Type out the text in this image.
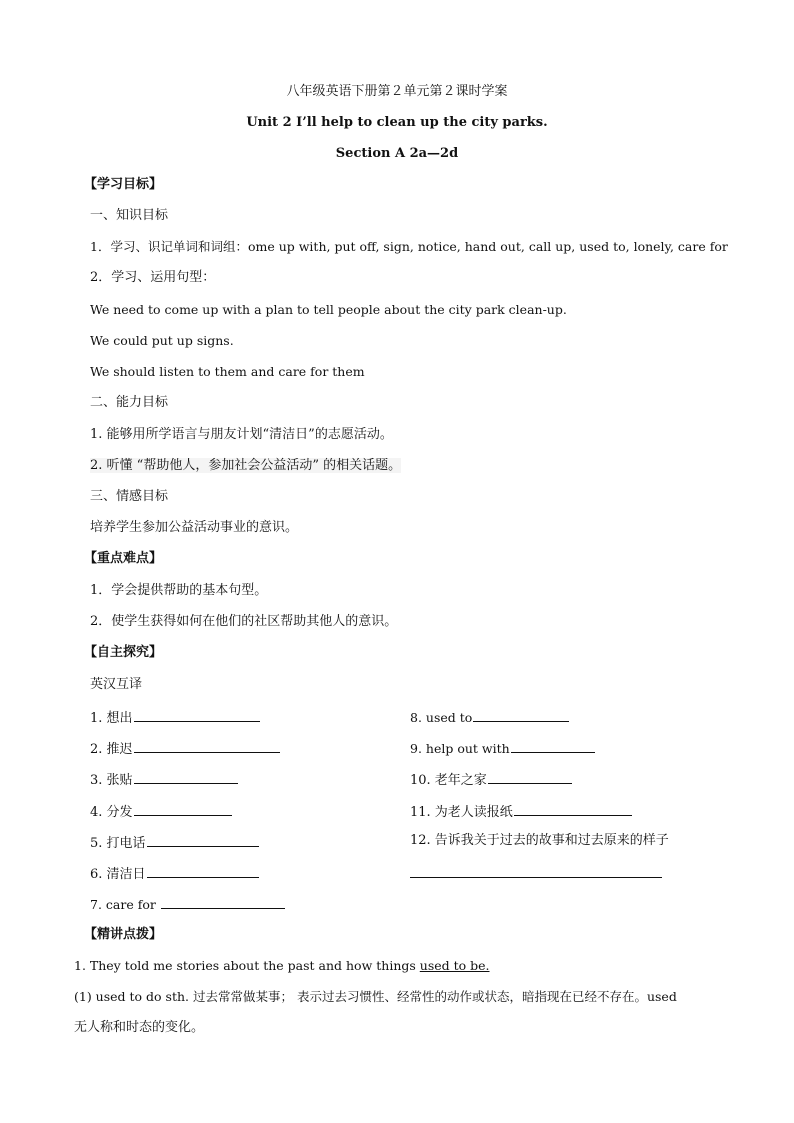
八年级英语下册第２单元第２课时学案
Unit 2 I’ll help to clean up the city parks.
Section A 2a—2d
【学习目标】
一、知识目标
1．学习、识记单词和词组：ome up with, put off, sign, notice, hand out, call up, used to, lonely, care for
2．学习、运用句型：
We need to come up with a plan to tell people about the city park clean-up.
We could put up signs.
We should listen to them and care for them
二、能力目标
1. 能够用所学语言与朋友计划“清洁日”的志愿活动。
2. 听懂 “帮助他人，参加社会公益活动” 的相关话题。
三、情感目标
培养学生参加公益活动事业的意识。
【重点难点】
1．学会提供帮助的基本句型。
2．使学生获得如何在他们的社区帮助其他人的意识。
【自主探究】
英汉互译
1. 想出
2. 推迟
3. 张贴
4. 分发
5. 打电话
6. 清洁日
7. care for
8. used to
9. help out with
10. 老年之家
11. 为老人读报纸
12. 告诉我关于过去的故事和过去原来的样子
【精讲点拨】
1. They told me stories about the past and how things used to be.
(1) used to do sth. 过去常常做某事； 表示过去习惯性、经常性的动作或状态，暗指现在已经不存在。used
无人称和时态的变化。
